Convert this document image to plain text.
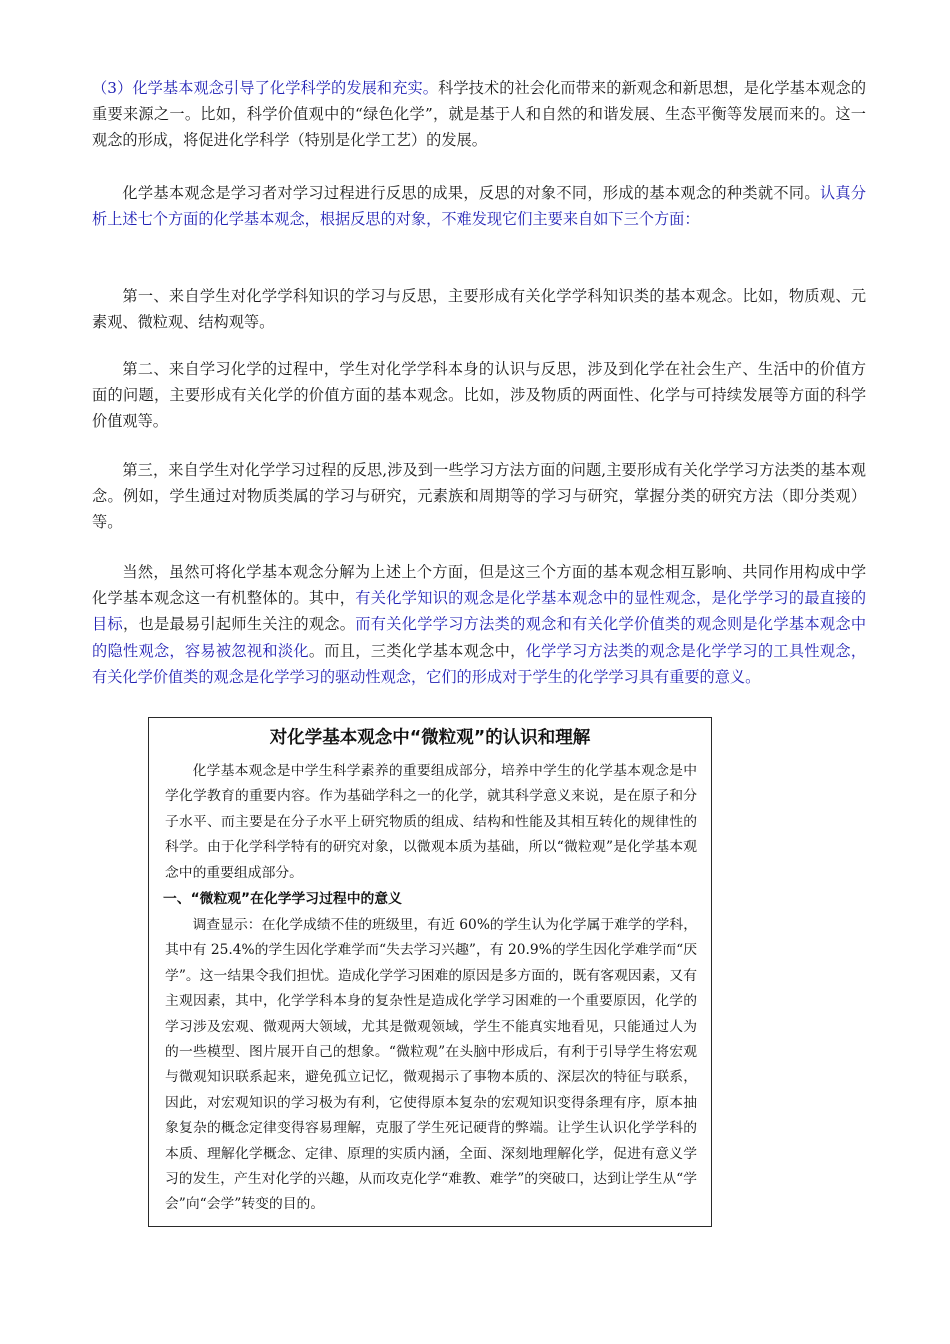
（3）化学基本观念引导了化学科学的发展和充实。科学技术的社会化而带来的新观念和新思想，是化学基本观念的重要来源之一。比如，科学价值观中的“绿色化学”，就是基于人和自然的和谐发展、生态平衡等发展而来的。这一观念的形成，将促进化学科学（特别是化学工艺）的发展。

化学基本观念是学习者对学习过程进行反思的成果，反思的对象不同，形成的基本观念的种类就不同。认真分析上述七个方面的化学基本观念，根据反思的对象，不难发现它们主要来自如下三个方面：

第一、来自学生对化学学科知识的学习与反思，主要形成有关化学学科知识类的基本观念。比如，物质观、元素观、微粒观、结构观等。

第二、来自学习化学的过程中，学生对化学学科本身的认识与反思，涉及到化学在社会生产、生活中的价值方面的问题，主要形成有关化学的价值方面的基本观念。比如，涉及物质的两面性、化学与可持续发展等方面的科学价值观等。

第三，来自学生对化学学习过程的反思,涉及到一些学习方法方面的问题,主要形成有关化学学习方法类的基本观念。例如，学生通过对物质类属的学习与研究，元素族和周期等的学习与研究，掌握分类的研究方法（即分类观）等。

当然，虽然可将化学基本观念分解为上述上个方面，但是这三个方面的基本观念相互影响、共同作用构成中学化学基本观念这一有机整体的。其中，有关化学知识的观念是化学基本观念中的显性观念，是化学学习的最直接的目标，也是最易引起师生关注的观念。而有关化学学习方法类的观念和有关化学价值类的观念则是化学基本观念中的隐性观念，容易被忽视和淡化。而且，三类化学基本观念中，化学学习方法类的观念是化学学习的工具性观念，有关化学价值类的观念是化学学习的驱动性观念，它们的形成对于学生的化学学习具有重要的意义。

对化学基本观念中“微粒观”的认识和理解

化学基本观念是中学生科学素养的重要组成部分，培养中学生的化学基本观念是中学化学教育的重要内容。作为基础学科之一的化学，就其科学意义来说，是在原子和分子水平、而主要是在分子水平上研究物质的组成、结构和性能及其相互转化的规律性的科学。由于化学科学特有的研究对象，以微观本质为基础，所以“微粒观”是化学基本观念中的重要组成部分。

一、“微粒观”在化学学习过程中的意义

调查显示：在化学成绩不佳的班级里，有近 60%的学生认为化学属于难学的学科，其中有 25.4%的学生因化学难学而“失去学习兴趣”，有 20.9%的学生因化学难学而“厌学”。这一结果令我们担忧。造成化学学习困难的原因是多方面的，既有客观因素，又有主观因素，其中，化学学科本身的复杂性是造成化学学习困难的一个重要原因，化学的学习涉及宏观、微观两大领域，尤其是微观领域，学生不能真实地看见，只能通过人为的一些模型、图片展开自己的想象。“微粒观”在头脑中形成后，有利于引导学生将宏观与微观知识联系起来，避免孤立记忆，微观揭示了事物本质的、深层次的特征与联系，因此，对宏观知识的学习极为有利，它使得原本复杂的宏观知识变得条理有序，原本抽象复杂的概念定律变得容易理解，克服了学生死记硬背的弊端。让学生认识化学学科的本质、理解化学概念、定律、原理的实质内涵，全面、深刻地理解化学，促进有意义学习的发生，产生对化学的兴趣，从而攻克化学“难教、难学”的突破口，达到让学生从“学会”向“会学”转变的目的。
